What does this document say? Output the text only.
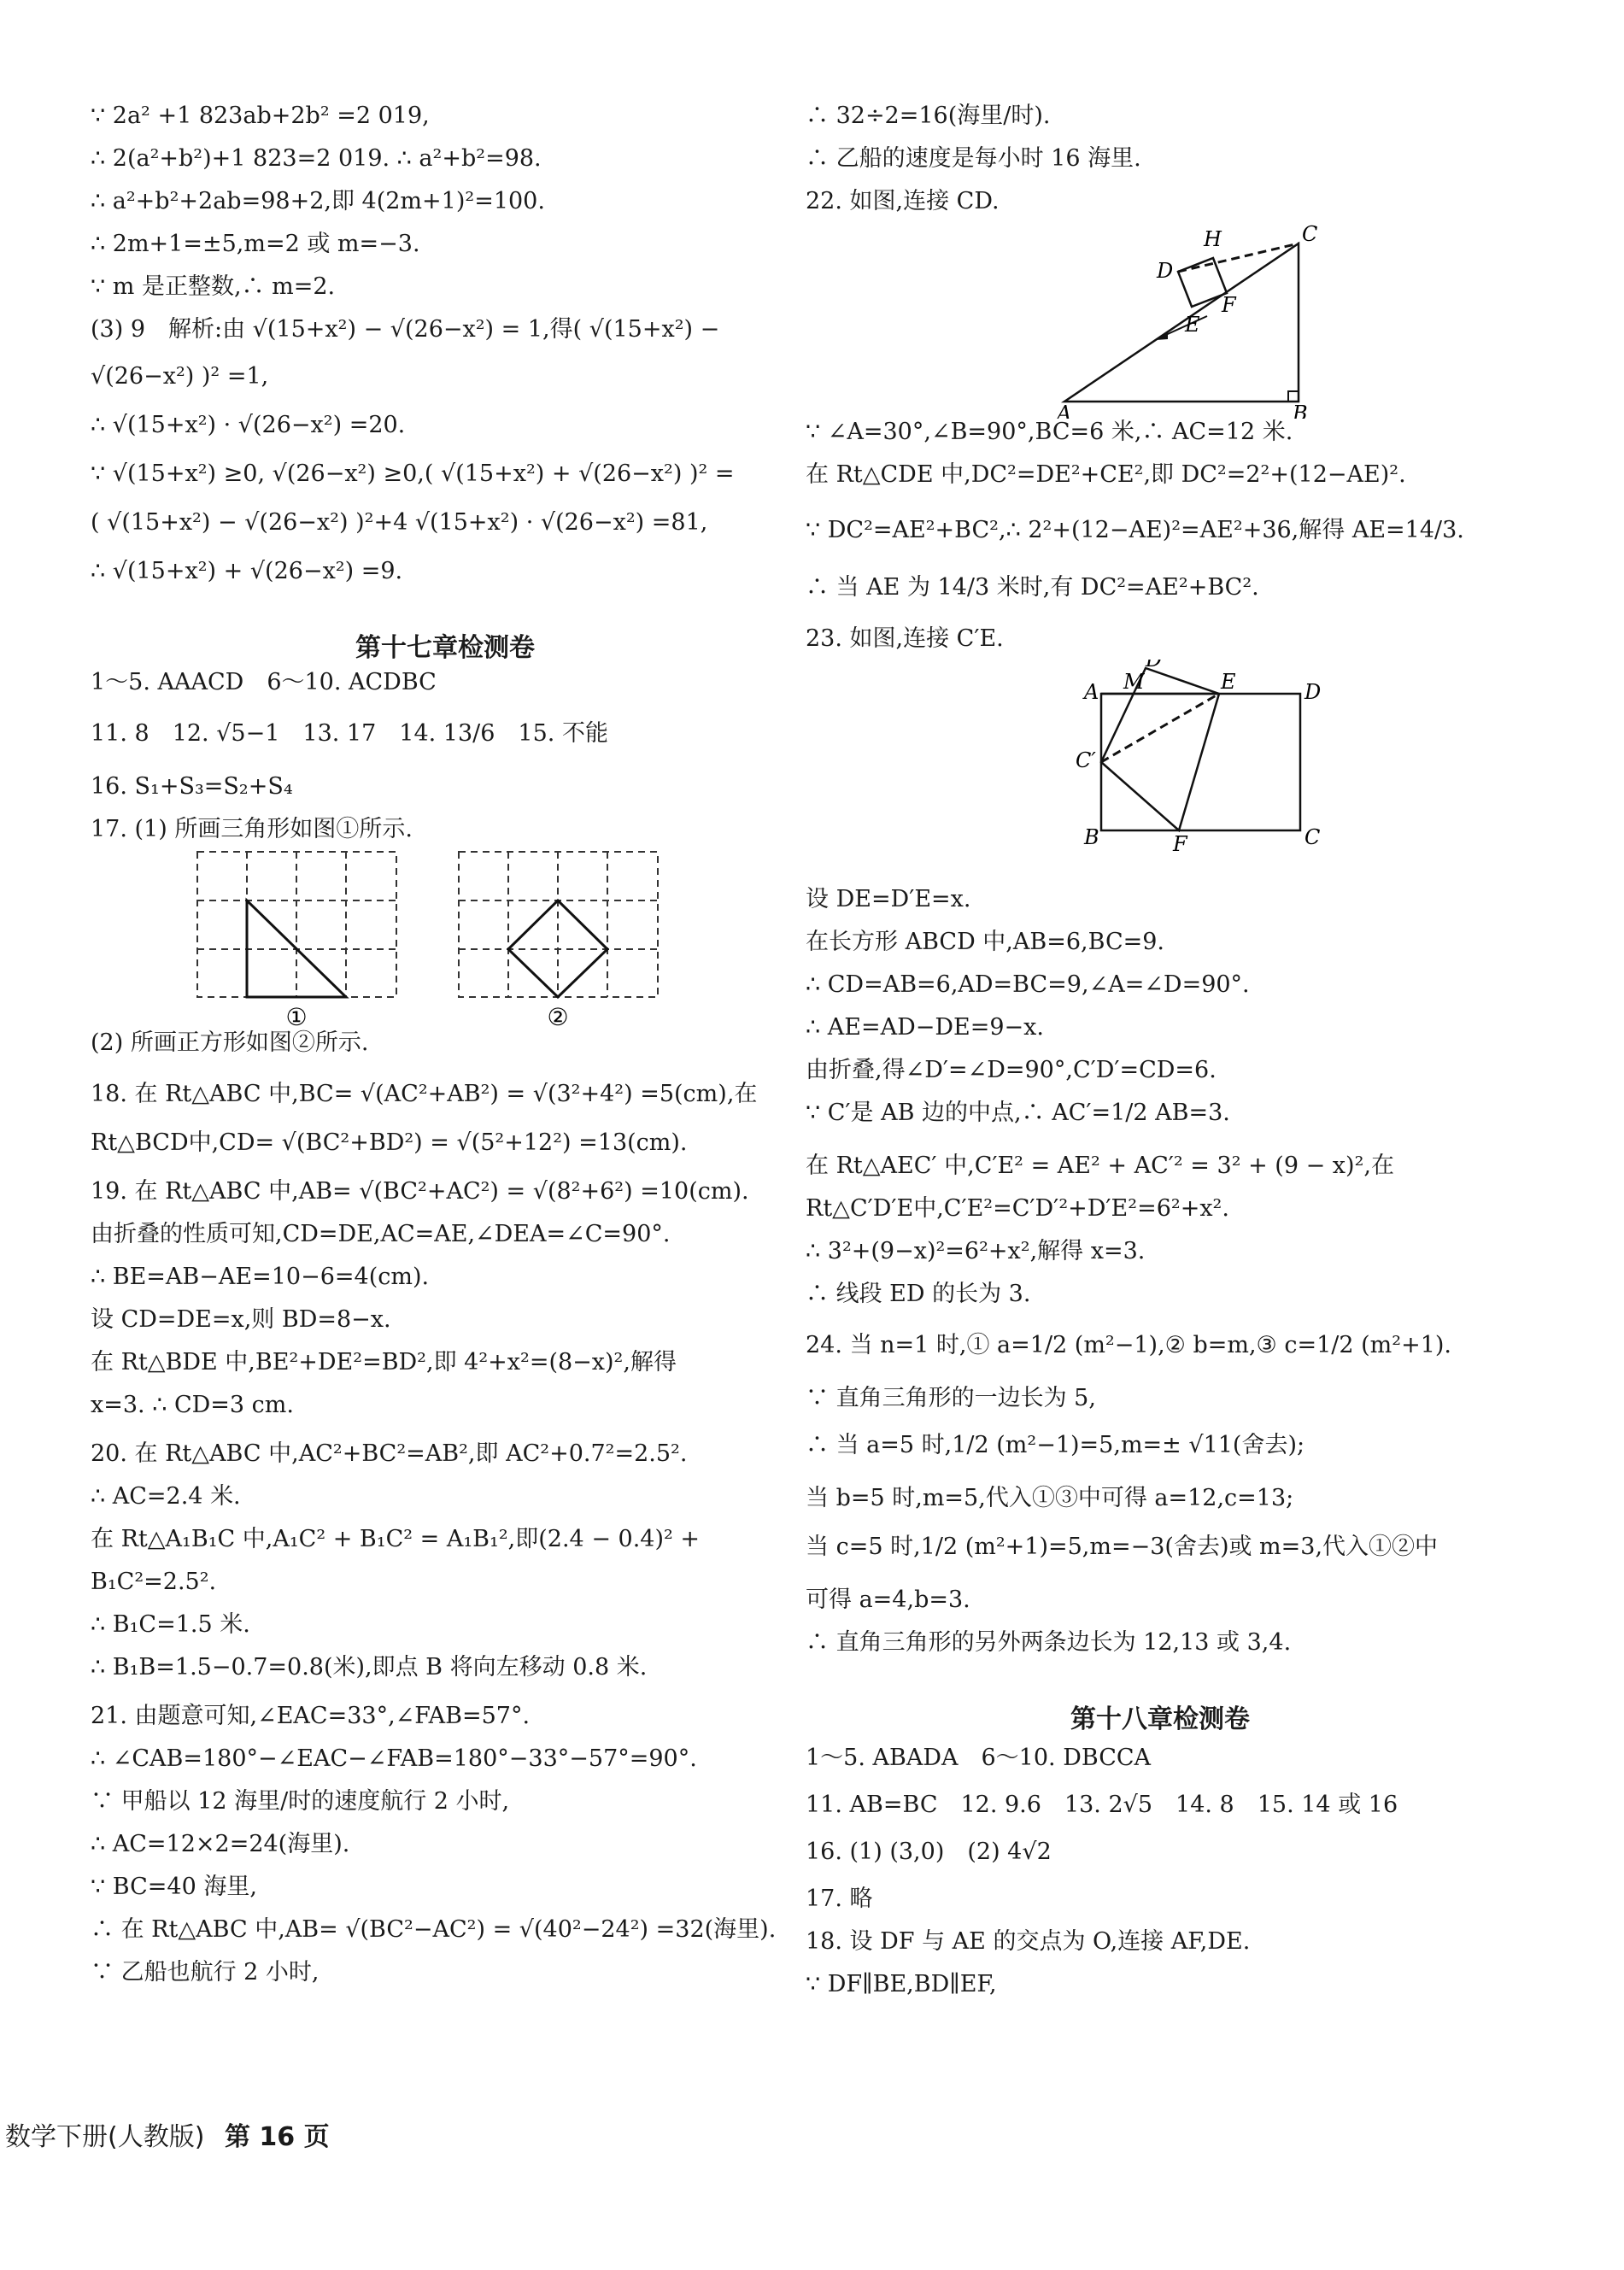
∵ 2a² +1 823ab+2b² =2 019,

∴ 2(a²+b²)+1 823=2 019. ∴ a²+b²=98.

∴ a²+b²+2ab=98+2,即 4(2m+1)²=100.

∴ 2m+1=±5,m=2 或 m=−3.

∵ m 是正整数,∴ m=2.

(3) 9　解析:由 √(15+x²) − √(26−x²) = 1,得( √(15+x²) −

√(26−x²) )² =1,

∴ √(15+x²) · √(26−x²) =20.

∵ √(15+x²) ≥0, √(26−x²) ≥0,( √(15+x²) + √(26−x²) )² =

( √(15+x²) − √(26−x²) )²+4 √(15+x²) · √(26−x²) =81,

∴ √(15+x²) + √(26−x²) =9.

第十七章检测卷

1～5. AAACD　6～10. ACDBC

11. 8　12. √5−1　13. 17　14. 13/6　15. 不能

16. S₁+S₃=S₂+S₄

17. (1) 所画三角形如图①所示.

①	②

(2) 所画正方形如图②所示.

18. 在 Rt△ABC 中,BC= √(AC²+AB²) = √(3²+4²) =5(cm),在

Rt△BCD中,CD= √(BC²+BD²) = √(5²+12²) =13(cm).

19. 在 Rt△ABC 中,AB= √(BC²+AC²) = √(8²+6²) =10(cm).

由折叠的性质可知,CD=DE,AC=AE,∠DEA=∠C=90°.

∴ BE=AB−AE=10−6=4(cm).

设 CD=DE=x,则 BD=8−x.

在 Rt△BDE 中,BE²+DE²=BD²,即 4²+x²=(8−x)²,解得

x=3. ∴ CD=3 cm.

20. 在 Rt△ABC 中,AC²+BC²=AB²,即 AC²+0.7²=2.5².

∴ AC=2.4 米.

在 Rt△A₁B₁C 中,A₁C² + B₁C² = A₁B₁²,即(2.4 − 0.4)² +

B₁C²=2.5².

∴ B₁C=1.5 米.

∴ B₁B=1.5−0.7=0.8(米),即点 B 将向左移动 0.8 米.

21. 由题意可知,∠EAC=33°,∠FAB=57°.

∴ ∠CAB=180°−∠EAC−∠FAB=180°−33°−57°=90°.

∵ 甲船以 12 海里/时的速度航行 2 小时,

∴ AC=12×2=24(海里).

∵ BC=40 海里,

∴ 在 Rt△ABC 中,AB= √(BC²−AC²) = √(40²−24²) =32(海里).

∵ 乙船也航行 2 小时,

∴ 32÷2=16(海里/时).

∴ 乙船的速度是每小时 16 海里.

22. 如图,连接 CD.

H	C
D
F
E
A	B

∵ ∠A=30°,∠B=90°,BC=6 米,∴ AC=12 米.

在 Rt△CDE 中,DC²=DE²+CE²,即 DC²=2²+(12−AE)².

∵ DC²=AE²+BC²,∴ 2²+(12−AE)²=AE²+36,解得 AE=14/3.

∴ 当 AE 为 14/3 米时,有 DC²=AE²+BC².

23. 如图,连接 C′E.

D′
A M	E	D
C′
B	F	C

设 DE=D′E=x.

在长方形 ABCD 中,AB=6,BC=9.

∴ CD=AB=6,AD=BC=9,∠A=∠D=90°.

∴ AE=AD−DE=9−x.

由折叠,得∠D′=∠D=90°,C′D′=CD=6.

∵ C′是 AB 边的中点,∴ AC′=1/2 AB=3.

在 Rt△AEC′ 中,C′E² = AE² + AC′² = 3² + (9 − x)²,在

Rt△C′D′E中,C′E²=C′D′²+D′E²=6²+x².

∴ 3²+(9−x)²=6²+x²,解得 x=3.

∴ 线段 ED 的长为 3.

24. 当 n=1 时,① a=1/2 (m²−1),② b=m,③ c=1/2 (m²+1).

∵ 直角三角形的一边长为 5,

∴ 当 a=5 时,1/2 (m²−1)=5,m=± √11(舍去);

当 b=5 时,m=5,代入①③中可得 a=12,c=13;

当 c=5 时,1/2 (m²+1)=5,m=−3(舍去)或 m=3,代入①②中

可得 a=4,b=3.

∴ 直角三角形的另外两条边长为 12,13 或 3,4.

第十八章检测卷

1～5. ABADA　6～10. DBCCA

11. AB=BC　12. 9.6　13. 2√5　14. 8　15. 14 或 16

16. (1) (3,0)　(2) 4√2

17. 略

18. 设 DF 与 AE 的交点为 O,连接 AF,DE.

∵ DF∥BE,BD∥EF,

数学下册(人教版) 第 16 页
